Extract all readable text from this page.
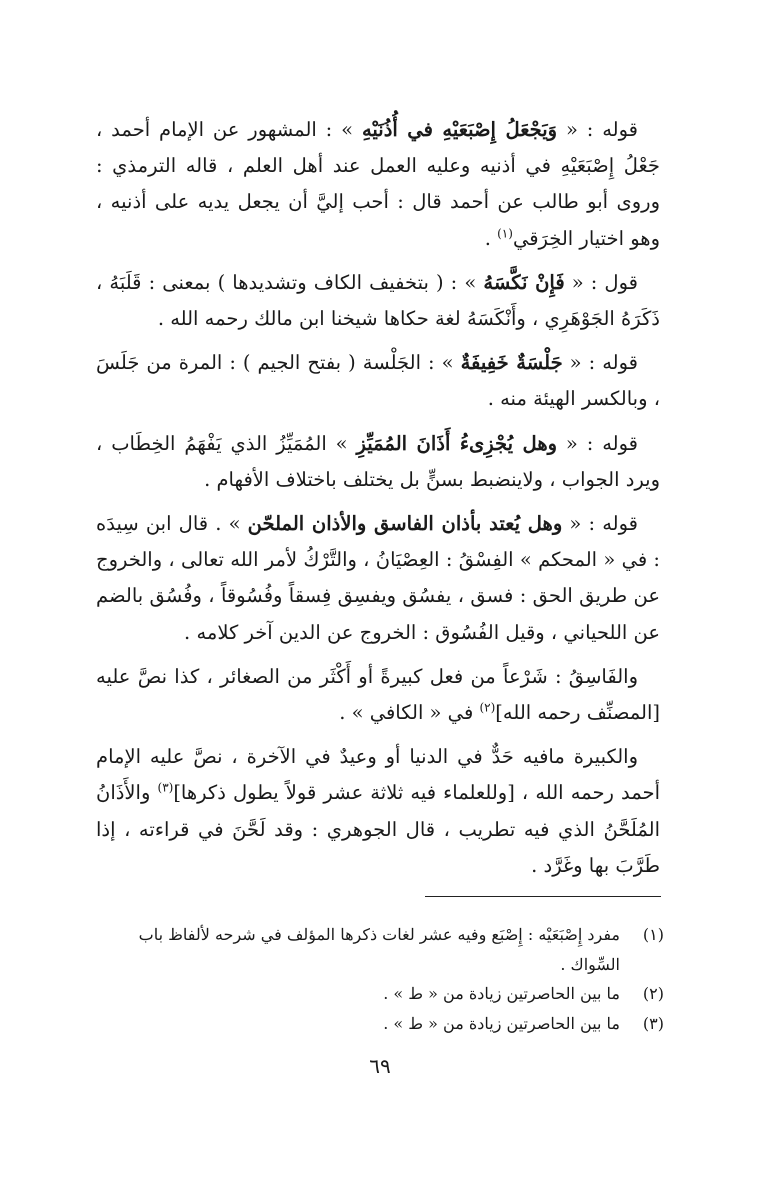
قوله : « وَيَجْعَلُ إِصْبَعَيْهِ في أُذُنَيْهِ » : المشهور عن الإمام أحمد ، جَعْلُ إِصْبَعَيْهِ في أذنيه وعليه العمل عند أهل العلم ، قاله الترمذي : وروى أبو طالب عن أحمد قال : أحب إليَّ أن يجعل يديه على أذنيه ، وهو اختيار الخِرَقي$^{(١)}$ .

قول : « فَإِنْ نَكَّسَهُ » : ( بتخفيف الكاف وتشديدها ) بمعنى : قَلَبَهُ ، ذَكَرَهُ الجَوْهَرِي ، وأَنْكَسَهُ لغة حكاها شيخنا ابن مالك رحمه الله .

قوله : « جَلْسَةٌ خَفِيفَةٌ » : الجَلْسة ( بفتح الجيم ) : المرة من جَلَسَ ، وبالكسر الهيئة منه .

قوله : « وهل يُجْزِىءُ أَذَانَ المُمَيِّزِ » المُمَيِّزُ الذي يَفْهَمُ الخِطَاب ، ويرد الجواب ، ولاينضبط بسنٍّ بل يختلف باختلاف الأفهام .

قوله : « وهل يُعتد بأذان الفاسق والأذان الملحّن » . قال ابن سِيدَه : في « المحكم » الفِسْقُ : العِصْيَانُ ، والتَّرْكُ لأمر الله تعالى ، والخروج عن طريق الحق : فسق ، يفسُق ويفسِق فِسقاً وفُسُوقاً ، وفُسُق بالضم عن اللحياني ، وقيل الفُسُوق : الخروج عن الدين آخر كلامه .

والفَاسِقُ : شَرْعاً من فعل كبيرةً أو أَكْثَر من الصغائر ، كذا نصَّ عليه [المصنِّف رحمه الله]$^{(٢)}$ في « الكافي » .

والكبيرة مافيه حَدٌّ في الدنيا أو وعيدٌ في الآخرة ، نصَّ عليه الإمام أحمد رحمه الله ، [وللعلماء فيه ثلاثة عشر قولاً يطول ذكرها]$^{(٣)}$ والأَذَانُ المُلَحَّنُ الذي فيه تطريب ، قال الجوهري : وقد لَحَّنَ في قراءته ، إذا طَرَّبَ بها وغَرَّد .

(١)
مفرد إِصْبَعَيْه : إِصْبَع وفيه عشر لغات ذكرها المؤلف في شرحه لألفاظ باب السِّواك .

(٢)
ما بين الحاصرتين زيادة من « ط » .

(٣)
ما بين الحاصرتين زيادة من « ط » .

٦٩
